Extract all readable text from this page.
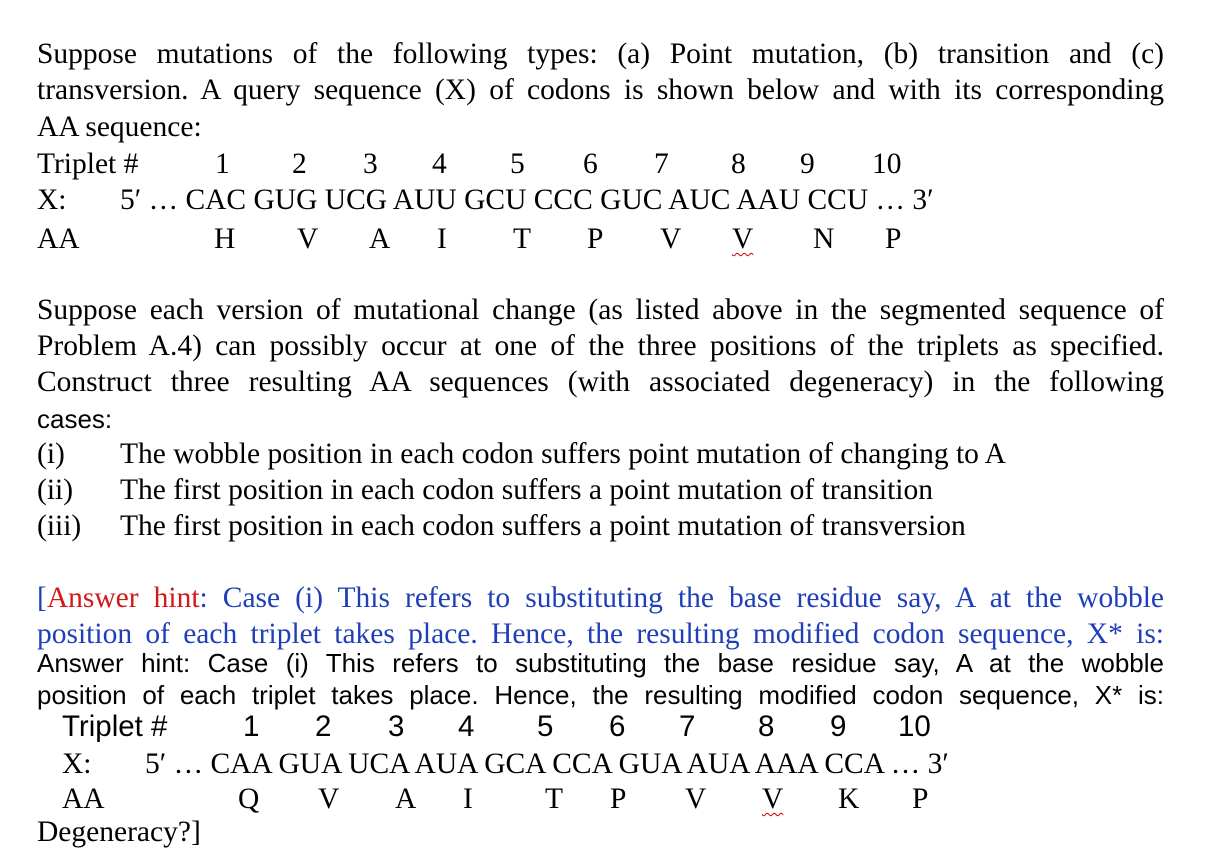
Suppose mutations of the following types: (a) Point mutation, (b) transition and (c)
transversion. A query sequence (X) of codons is shown below and with its corresponding
AA sequence:
Triplet #	1 2 3 4 5 6 7 8 9 10
X: 5′ … CAC GUG UCG AUU GCU CCC GUC AUC AAU CCU … 3′
AA	H V A I T P V V N P
Suppose each version of mutational change (as listed above in the segmented sequence of
Problem A.4) can possibly occur at one of the three positions of the triplets as specified.
Construct three resulting AA sequences (with associated degeneracy) in the following
cases:
(i) The wobble position in each codon suffers point mutation of changing to A
(ii) The first position in each codon suffers a point mutation of transition
(iii) The first position in each codon suffers a point mutation of transversion
[Answer hint: Case (i) This refers to substituting the base residue say, A at the wobble
position of each triplet takes place. Hence, the resulting modified codon sequence, X* is:
Answer hint: Case (i) This refers to substituting the base residue say, A at the wobble
position of each triplet takes place. Hence, the resulting modified codon sequence, X* is:
Triplet #	1 2 3 4 5 6 7 8 9 10
X: 5′ … CAA GUA UCA AUA GCA CCA GUA AUA AAA CCA … 3′
AA	Q V A I T P V V K P
Degeneracy?]
